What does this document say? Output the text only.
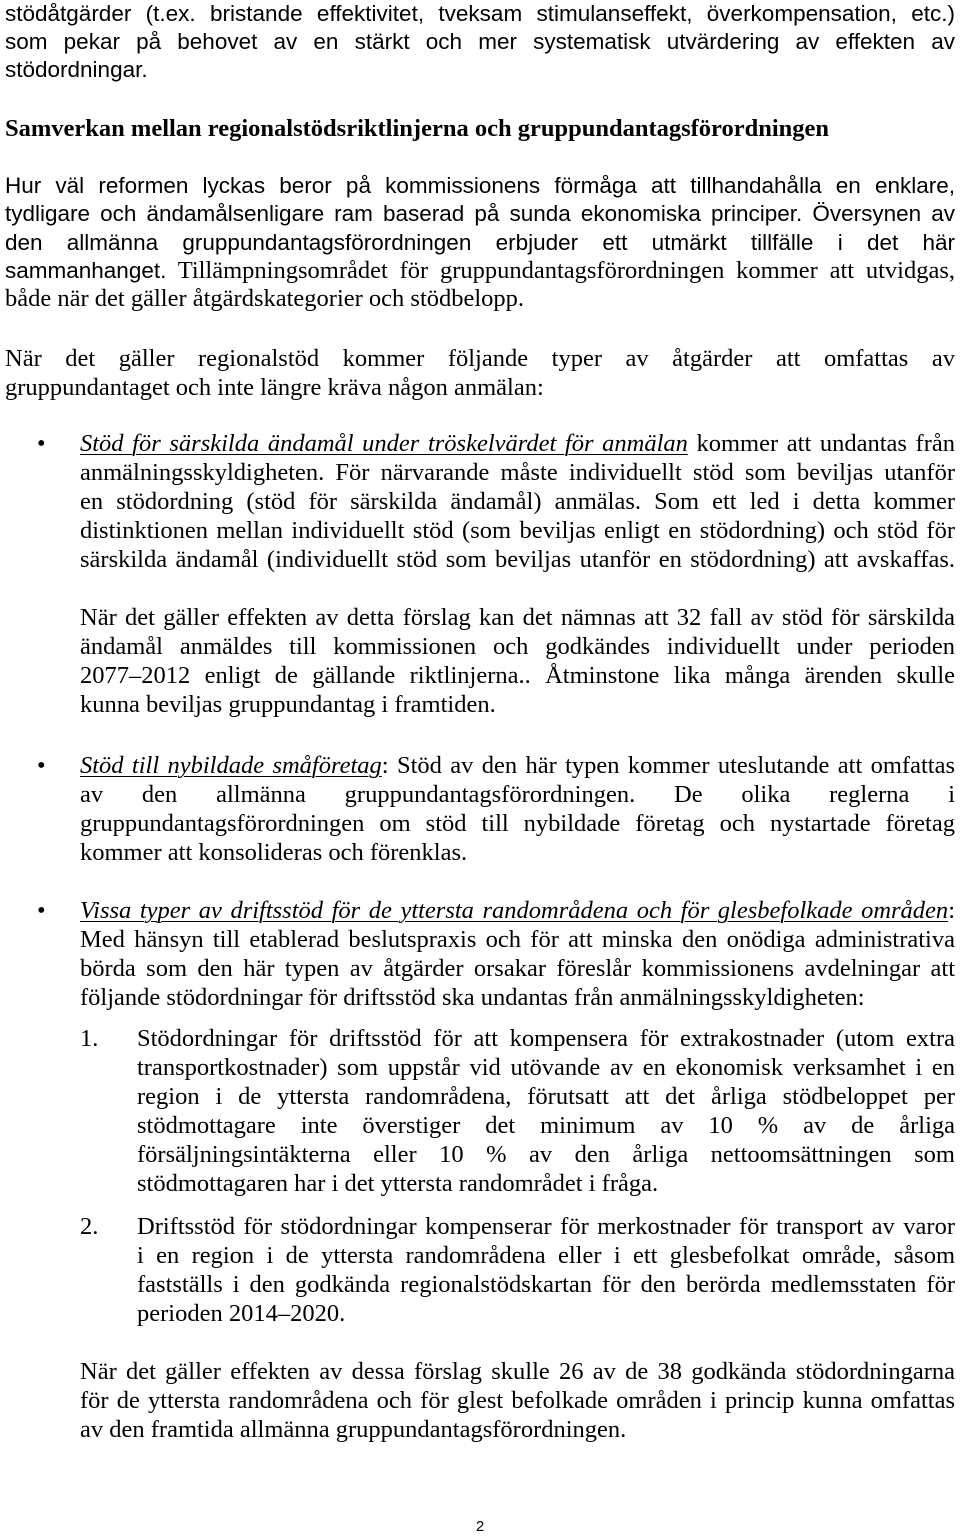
stödåtgärder (t.ex. bristande effektivitet, tveksam stimulanseffekt, överkompensation, etc.)
som pekar på behovet av en stärkt och mer systematisk utvärdering av effekten av
stödordningar.
Samverkan mellan regionalstödsriktlinjerna och gruppundantagsförordningen
Hur väl reformen lyckas beror på kommissionens förmåga att tillhandahålla en enklare,
tydligare och ändamålsenligare ram baserad på sunda ekonomiska principer. Översynen av
den allmänna gruppundantagsförordningen erbjuder ett utmärkt tillfälle i det här
sammanhanget. Tillämpningsområdet för gruppundantagsförordningen kommer att utvidgas,
både när det gäller åtgärdskategorier och stödbelopp.
När det gäller regionalstöd kommer följande typer av åtgärder att omfattas av
gruppundantaget och inte längre kräva någon anmälan:
• Stöd för särskilda ändamål under tröskelvärdet för anmälan kommer att undantas från
anmälningsskyldigheten. För närvarande måste individuellt stöd som beviljas utanför
en stödordning (stöd för särskilda ändamål) anmälas. Som ett led i detta kommer
distinktionen mellan individuellt stöd (som beviljas enligt en stödordning) och stöd för
särskilda ändamål (individuellt stöd som beviljas utanför en stödordning) att avskaffas.
När det gäller effekten av detta förslag kan det nämnas att 32 fall av stöd för särskilda
ändamål anmäldes till kommissionen och godkändes individuellt under perioden
2077–2012 enligt de gällande riktlinjerna.. Åtminstone lika många ärenden skulle
kunna beviljas gruppundantag i framtiden.
• Stöd till nybildade småföretag: Stöd av den här typen kommer uteslutande att omfattas
av den allmänna gruppundantagsförordningen. De olika reglerna i
gruppundantagsförordningen om stöd till nybildade företag och nystartade företag
kommer att konsolideras och förenklas.
• Vissa typer av driftsstöd för de yttersta randområdena och för glesbefolkade områden:
Med hänsyn till etablerad beslutspraxis och för att minska den onödiga administrativa
börda som den här typen av åtgärder orsakar föreslår kommissionens avdelningar att
följande stödordningar för driftsstöd ska undantas från anmälningsskyldigheten:
1. Stödordningar för driftsstöd för att kompensera för extrakostnader (utom extra
transportkostnader) som uppstår vid utövande av en ekonomisk verksamhet i en
region i de yttersta randområdena, förutsatt att det årliga stödbeloppet per
stödmottagare inte överstiger det minimum av 10 % av de årliga
försäljningsintäkterna eller 10 % av den årliga nettoomsättningen som
stödmottagaren har i det yttersta randområdet i fråga.
2. Driftsstöd för stödordningar kompenserar för merkostnader för transport av varor
i en region i de yttersta randområdena eller i ett glesbefolkat område, såsom
fastställs i den godkända regionalstödskartan för den berörda medlemsstaten för
perioden 2014–2020.
När det gäller effekten av dessa förslag skulle 26 av de 38 godkända stödordningarna
för de yttersta randområdena och för glest befolkade områden i princip kunna omfattas
av den framtida allmänna gruppundantagsförordningen.
2
